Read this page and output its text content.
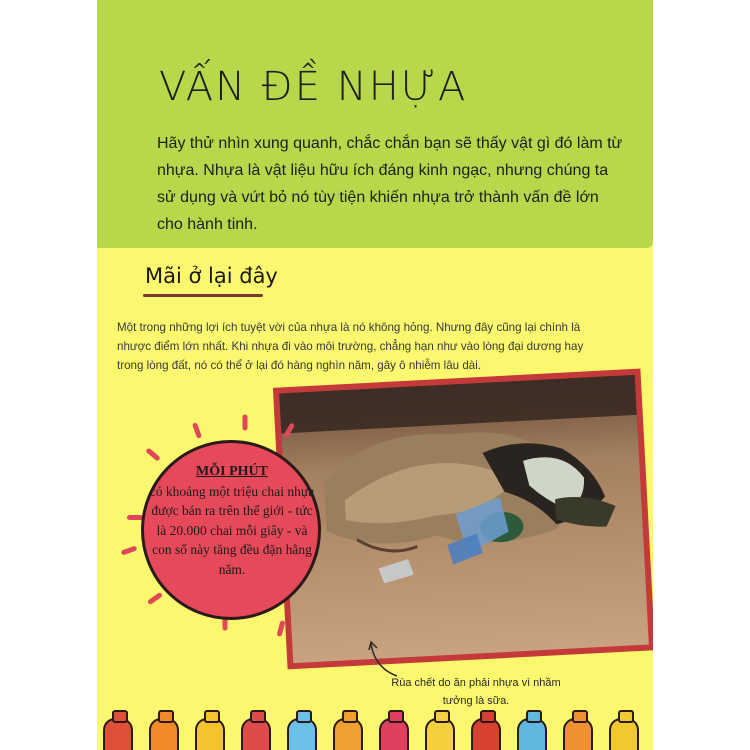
VẤN ĐỀ NHỰA
Hãy thử nhìn xung quanh, chắc chắn bạn sẽ thấy vật gì đó làm từ nhựa. Nhựa là vật liệu hữu ích đáng kinh ngạc, nhưng chúng ta sử dụng và vứt bỏ nó tùy tiện khiến nhựa trở thành vấn đề lớn cho hành tinh.
Mãi ở lại đây
Một trong những lợi ích tuyệt vời của nhựa là nó không hỏng. Nhưng đây cũng lại chính là nhược điểm lớn nhất. Khi nhựa đi vào môi trường, chẳng hạn như vào lòng đại dương hay trong lòng đất, nó có thể ở lại đó hàng nghìn năm, gây ô nhiễm lâu dài.
MỖI PHÚT
có khoảng một triệu chai nhựa được bán ra trên thế giới - tức là 20.000 chai mỗi giây - và con số này tăng đều đặn hằng năm.
Rùa chết do ăn phải nhựa vì nhầm tưởng là sữa.
